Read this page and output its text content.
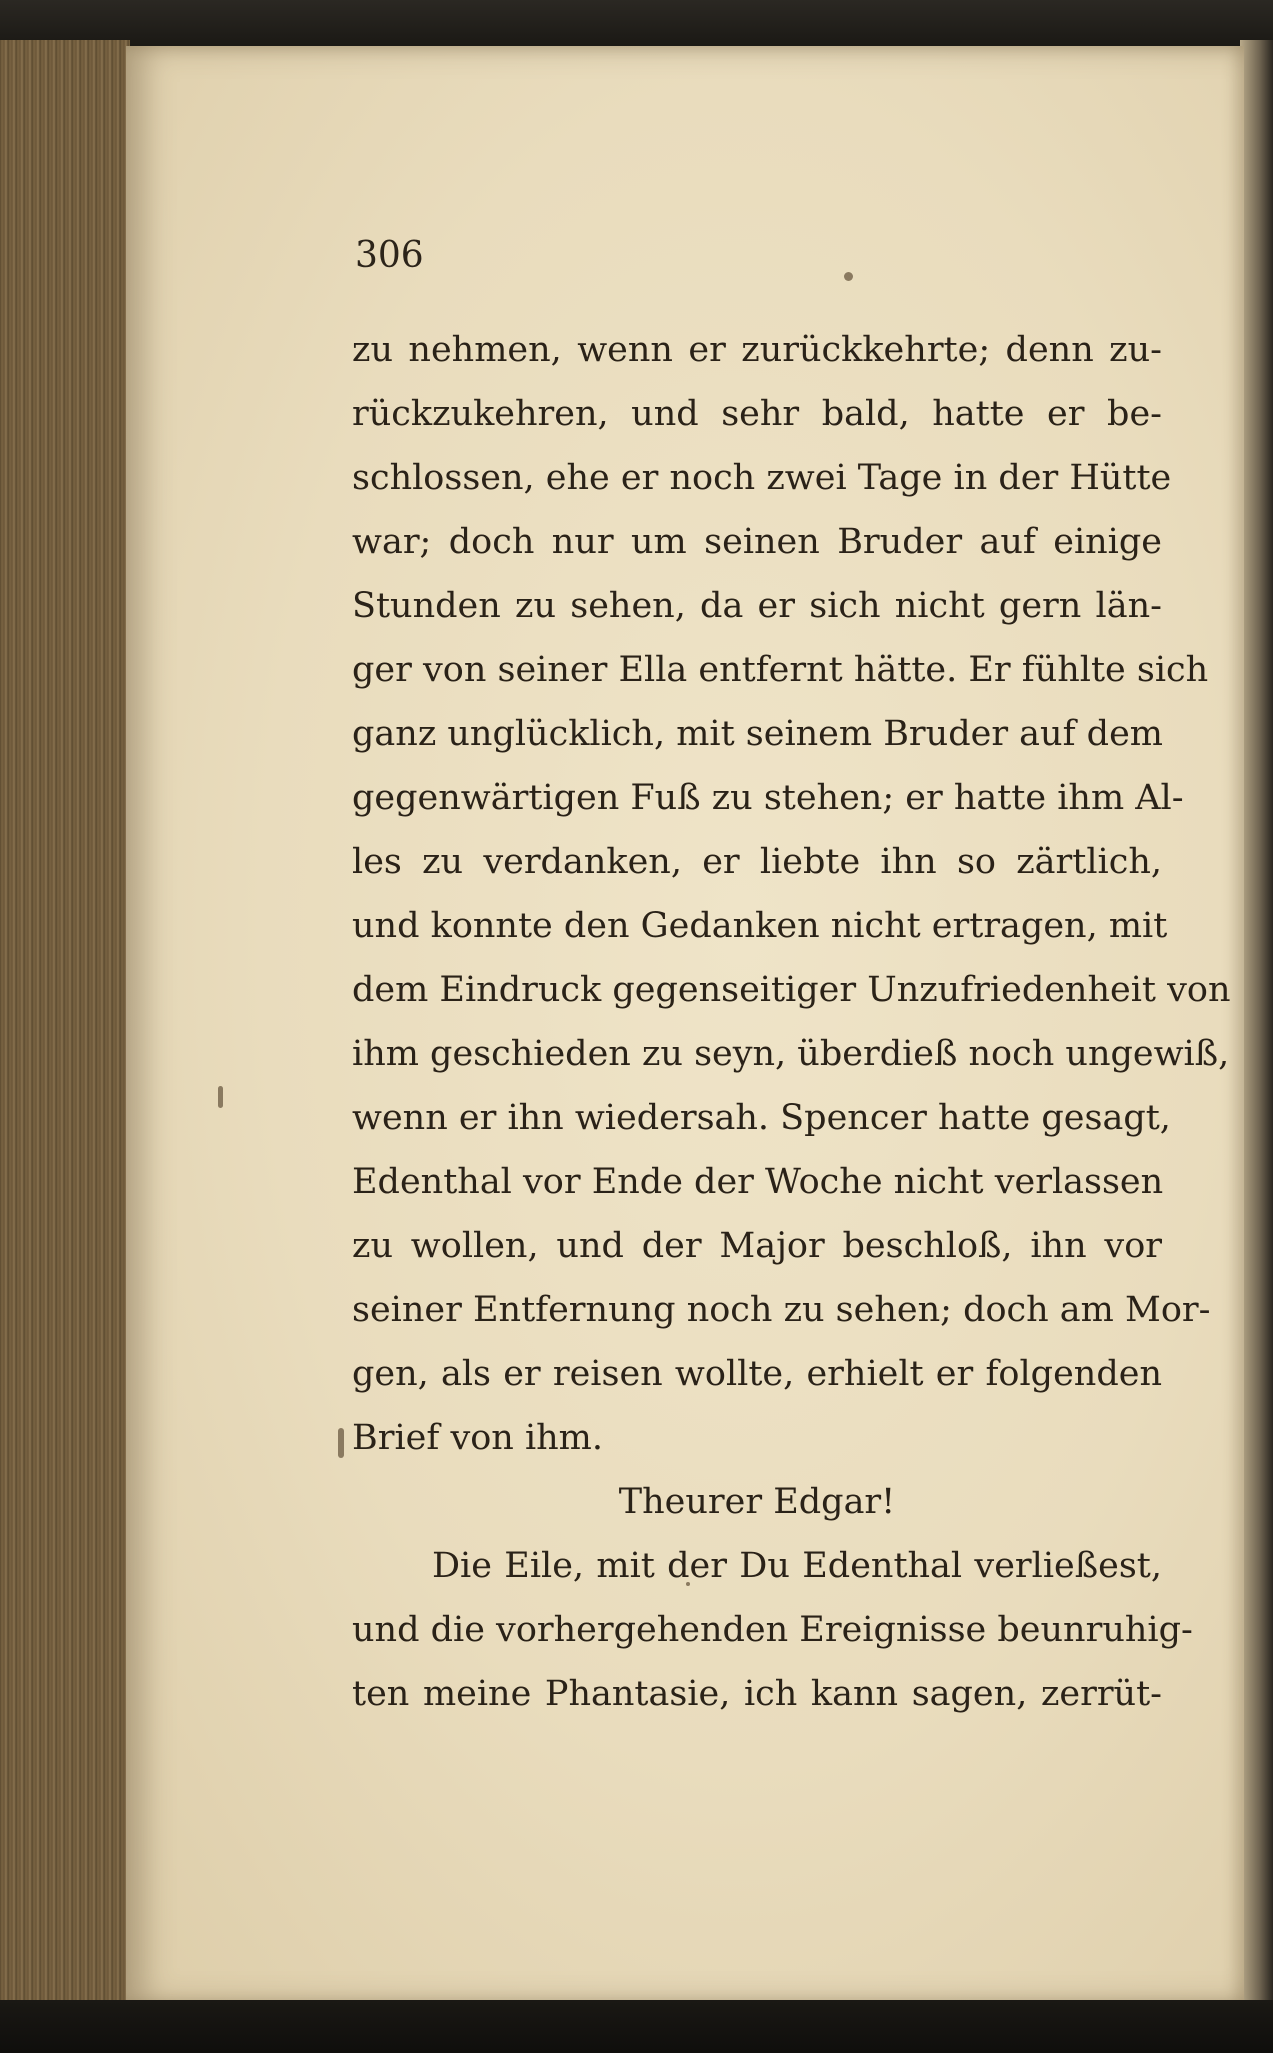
306
zu nehmen, wenn er zurückkehrte; denn zu-
rückzukehren, und sehr bald, hatte er be-
schlossen, ehe er noch zwei Tage in der Hütte
war; doch nur um seinen Bruder auf einige
Stunden zu sehen, da er sich nicht gern län-
ger von seiner Ella entfernt hätte. Er fühlte sich
ganz unglücklich, mit seinem Bruder auf dem
gegenwärtigen Fuß zu stehen; er hatte ihm Al-
les zu verdanken, er liebte ihn so zärtlich,
und konnte den Gedanken nicht ertragen, mit
dem Eindruck gegenseitiger Unzufriedenheit von
ihm geschieden zu seyn, überdieß noch ungewiß,
wenn er ihn wiedersah. Spencer hatte gesagt,
Edenthal vor Ende der Woche nicht verlassen
zu wollen, und der Major beschloß, ihn vor
seiner Entfernung noch zu sehen; doch am Mor-
gen, als er reisen wollte, erhielt er folgenden
Brief von ihm.
Theurer Edgar!
Die Eile, mit der Du Edenthal verließest,
und die vorhergehenden Ereignisse beunruhig-
ten meine Phantasie, ich kann sagen, zerrüt-
